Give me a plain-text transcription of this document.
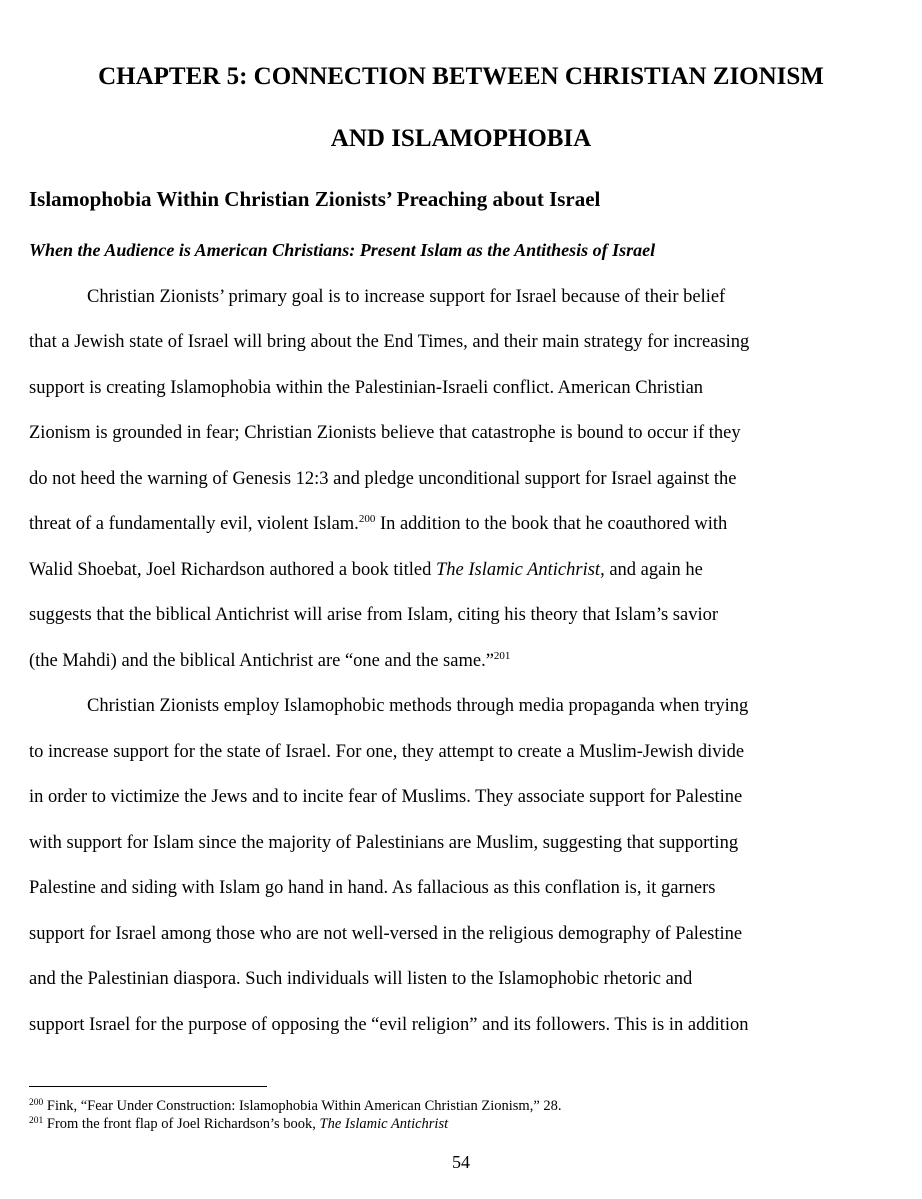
CHAPTER 5: CONNECTION BETWEEN CHRISTIAN ZIONISM
AND ISLAMOPHOBIA
Islamophobia Within Christian Zionists’ Preaching about Israel
When the Audience is American Christians: Present Islam as the Antithesis of Israel

Christian Zionists’ primary goal is to increase support for Israel because of their belief

that a Jewish state of Israel will bring about the End Times, and their main strategy for increasing

support is creating Islamophobia within the Palestinian-Israeli conflict. American Christian

Zionism is grounded in fear; Christian Zionists believe that catastrophe is bound to occur if they

do not heed the warning of Genesis 12:3 and pledge unconditional support for Israel against the

threat of a fundamentally evil, violent Islam.$^{200}$ In addition to the book that he coauthored with

Walid Shoebat, Joel Richardson authored a book titled The Islamic Antichrist, and again he

suggests that the biblical Antichrist will arise from Islam, citing his theory that Islam’s savior

(the Mahdi) and the biblical Antichrist are “one and the same.”$^{201}$

Christian Zionists employ Islamophobic methods through media propaganda when trying

to increase support for the state of Israel. For one, they attempt to create a Muslim-Jewish divide

in order to victimize the Jews and to incite fear of Muslims. They associate support for Palestine

with support for Islam since the majority of Palestinians are Muslim, suggesting that supporting

Palestine and siding with Islam go hand in hand. As fallacious as this conflation is, it garners

support for Israel among those who are not well-versed in the religious demography of Palestine

and the Palestinian diaspora. Such individuals will listen to the Islamophobic rhetoric and

support Israel for the purpose of opposing the “evil religion” and its followers. This is in addition

$^{200}$ Fink, “Fear Under Construction: Islamophobia Within American Christian Zionism,” 28.

$^{201}$ From the front flap of Joel Richardson’s book, The Islamic Antichrist

54
